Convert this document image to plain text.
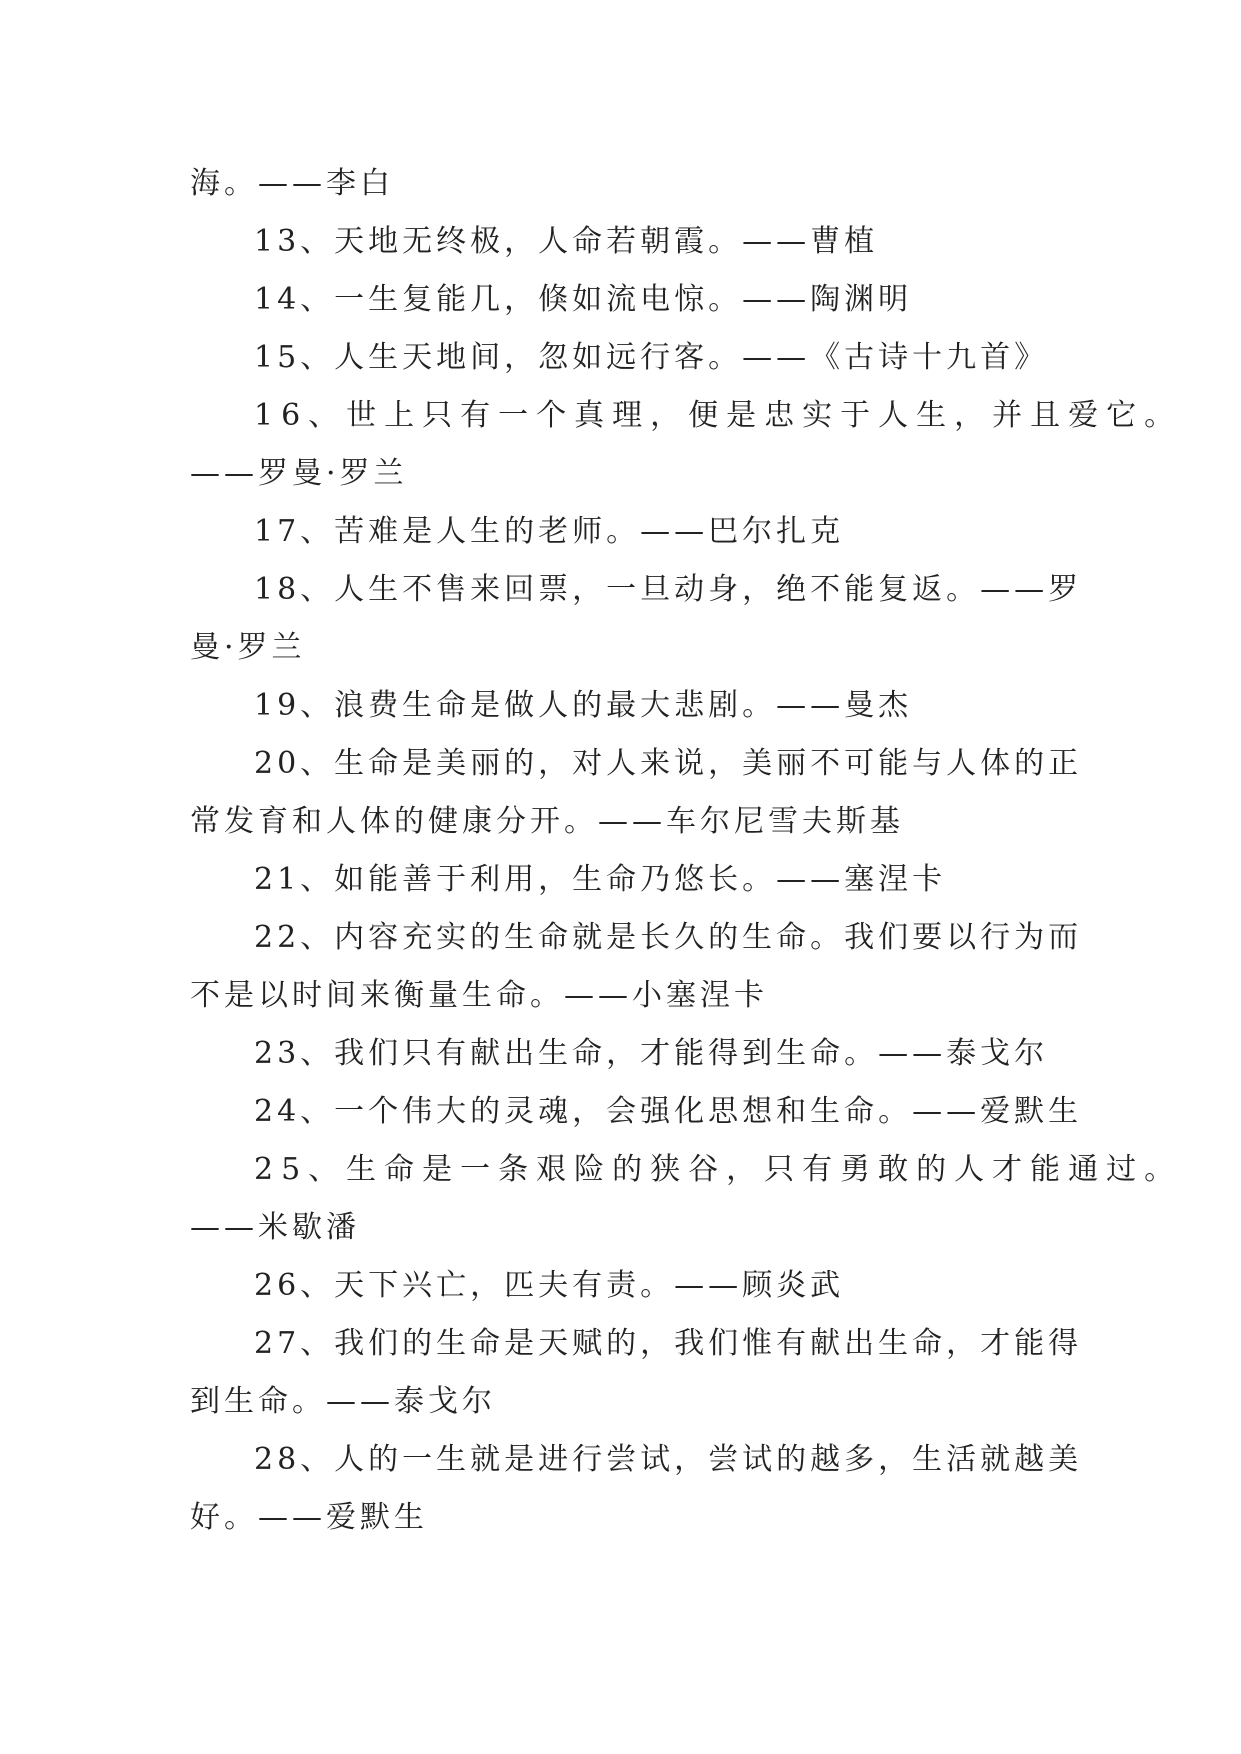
海。——李白
13、天地无终极，人命若朝霞。——曹植
14、一生复能几，倏如流电惊。——陶渊明
15、人生天地间，忽如远行客。——《古诗十九首》
16、世上只有一个真理，便是忠实于人生，并且爱它。
——罗曼·罗兰
17、苦难是人生的老师。——巴尔扎克
18、人生不售来回票，一旦动身，绝不能复返。——罗
曼·罗兰
19、浪费生命是做人的最大悲剧。——曼杰
20、生命是美丽的，对人来说，美丽不可能与人体的正
常发育和人体的健康分开。——车尔尼雪夫斯基
21、如能善于利用，生命乃悠长。——塞涅卡
22、内容充实的生命就是长久的生命。我们要以行为而
不是以时间来衡量生命。——小塞涅卡
23、我们只有献出生命，才能得到生命。——泰戈尔
24、一个伟大的灵魂，会强化思想和生命。——爱默生
25、生命是一条艰险的狭谷，只有勇敢的人才能通过。
——米歇潘
26、天下兴亡，匹夫有责。——顾炎武
27、我们的生命是天赋的，我们惟有献出生命，才能得
到生命。——泰戈尔
28、人的一生就是进行尝试，尝试的越多，生活就越美
好。——爱默生
